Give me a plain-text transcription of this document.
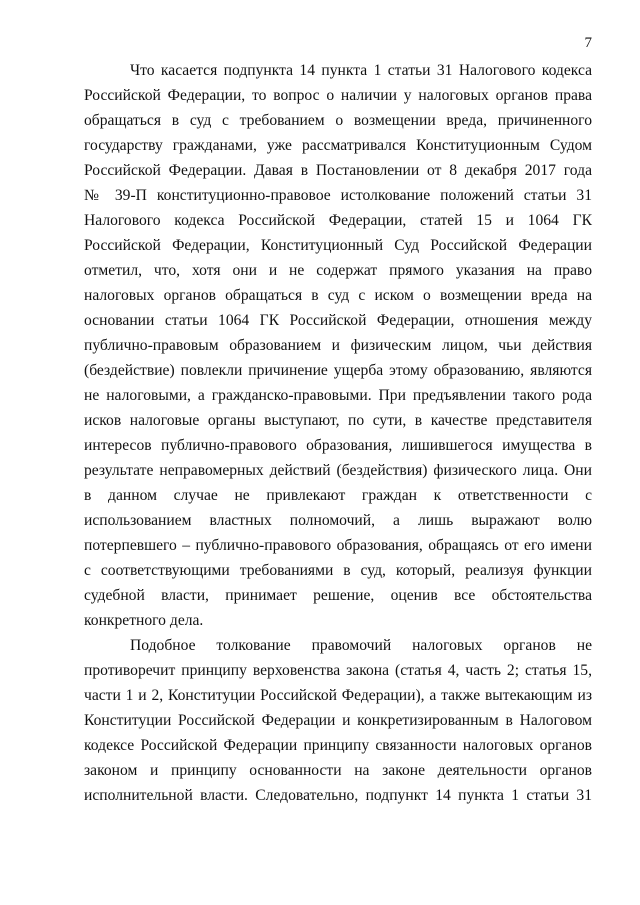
7
Что касается подпункта 14 пункта 1 статьи 31 Налогового кодекса
Российской Федерации, то вопрос о наличии у налоговых органов права
обращаться в суд с требованием о возмещении вреда, причиненного
государству гражданами, уже рассматривался Конституционным Судом
Российской Федерации. Давая в Постановлении от 8 декабря 2017 года
№ 39-П конституционно-правовое истолкование положений статьи 31
Налогового кодекса Российской Федерации, статей 15 и 1064 ГК
Российской Федерации, Конституционный Суд Российской Федерации
отметил, что, хотя они и не содержат прямого указания на право
налоговых органов обращаться в суд с иском о возмещении вреда на
основании статьи 1064 ГК Российской Федерации, отношения между
публично-правовым образованием и физическим лицом, чьи действия
(бездействие) повлекли причинение ущерба этому образованию, являются
не налоговыми, а гражданско-правовыми. При предъявлении такого рода
исков налоговые органы выступают, по сути, в качестве представителя
интересов публично-правового образования, лишившегося имущества в
результате неправомерных действий (бездействия) физического лица. Они
в данном случае не привлекают граждан к ответственности с
использованием властных полномочий, а лишь выражают волю
потерпевшего – публично-правового образования, обращаясь от его имени
с соответствующими требованиями в суд, который, реализуя функции
судебной власти, принимает решение, оценив все обстоятельства
конкретного дела.
Подобное толкование правомочий налоговых органов не
противоречит принципу верховенства закона (статья 4, часть 2; статья 15,
части 1 и 2, Конституции Российской Федерации), а также вытекающим из
Конституции Российской Федерации и конкретизированным в Налоговом
кодексе Российской Федерации принципу связанности налоговых органов
законом и принципу основанности на законе деятельности органов
исполнительной власти. Следовательно, подпункт 14 пункта 1 статьи 31
